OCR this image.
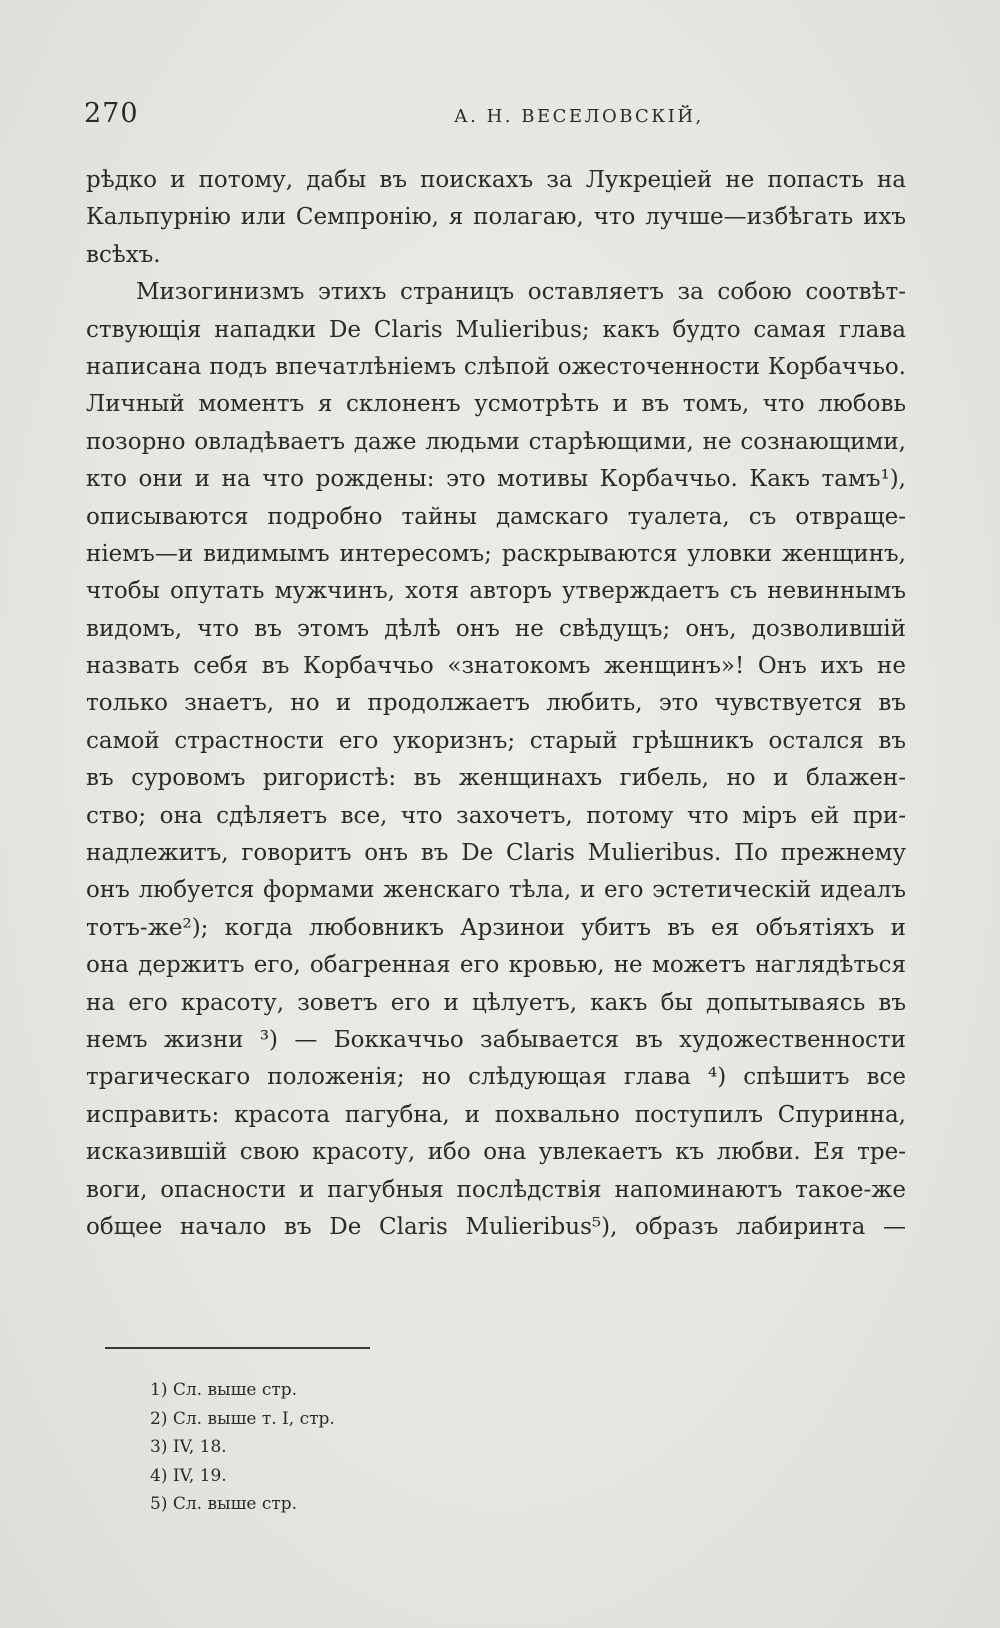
270	А. Н. ВЕСЕЛОВСКІЙ,
рѣдко и потому, дабы въ поискахъ за Лукреціей не попасть на
Кальпурнію или Семпронію, я полагаю, что лучше—избѣгать ихъ
всѣхъ.
Мизогинизмъ этихъ страницъ оставляетъ за собою соотвѣт-
ствующія нападки De Claris Mulieribus; какъ будто самая глава
написана подъ впечатлѣніемъ слѣпой ожесточенности Корбаччьо.
Личный моментъ я склоненъ усмотрѣть и въ томъ, что любовь
позорно овладѣваетъ даже людьми старѣющими, не сознающими,
кто они и на что рождены: это мотивы Корбаччьо. Какъ тамъ¹),
описываются подробно тайны дамскаго туалета, съ отвраще-
ніемъ—и видимымъ интересомъ; раскрываются уловки женщинъ,
чтобы опутать мужчинъ, хотя авторъ утверждаетъ съ невиннымъ
видомъ, что въ этомъ дѣлѣ онъ не свѣдущъ; онъ, дозволившій
назвать себя въ Корбаччьо «знатокомъ женщинъ»! Онъ ихъ не
только знаетъ, но и продолжаетъ любить, это чувствуется въ
самой страстности его укоризнъ; старый грѣшникъ остался въ
въ суровомъ ригористѣ: въ женщинахъ гибель, но и блажен-
ство; она сдѣляетъ все, что захочетъ, потому что міръ ей при-
надлежитъ, говоритъ онъ въ De Claris Mulieribus. По прежнему
онъ любуется формами женскаго тѣла, и его эстетическій идеалъ
тотъ-же²); когда любовникъ Арзинои убитъ въ ея объятіяхъ и
она держитъ его, обагренная его кровью, не можетъ наглядѣться
на его красоту, зоветъ его и цѣлуетъ, какъ бы допытываясь въ
немъ жизни ³) — Боккаччьо забывается въ художественности
трагическаго положенія; но слѣдующая глава ⁴) спѣшитъ все
исправить: красота пагубна, и похвально поступилъ Спуринна,
исказившій свою красоту, ибо она увлекаетъ къ любви. Ея тре-
воги, опасности и пагубныя послѣдствія напоминаютъ такое-же
общее начало въ De Claris Mulieribus⁵), образъ лабиринта —
1) Сл. выше стр.
2) Сл. выше т. I, стр.
3) IV, 18.
4) IV, 19.
5) Сл. выше стр.
